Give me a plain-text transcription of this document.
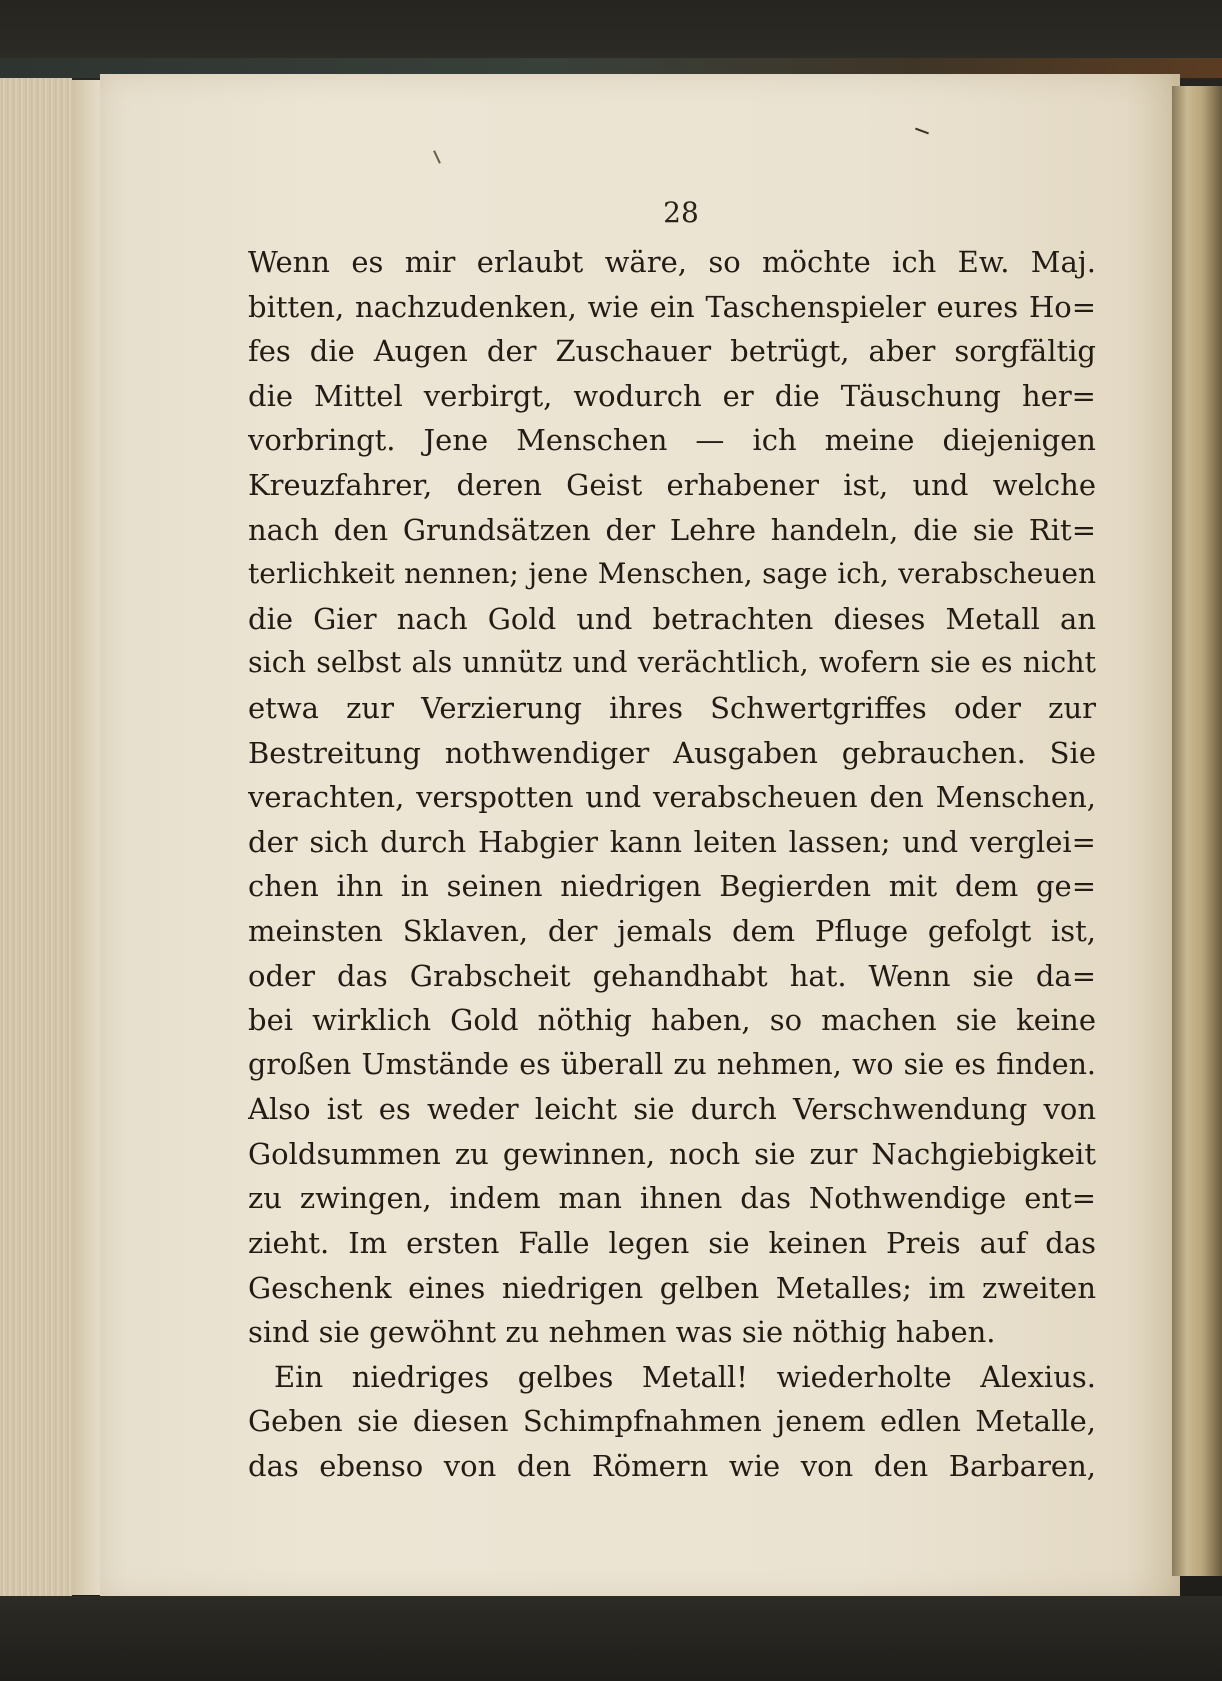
28
Wenn es mir erlaubt wäre, so möchte ich Ew. Maj.
bitten, nachzudenken, wie ein Taschenspieler eures Ho=
fes die Augen der Zuschauer betrügt, aber sorgfältig
die Mittel verbirgt, wodurch er die Täuschung her=
vorbringt. Jene Menschen — ich meine diejenigen
Kreuzfahrer, deren Geist erhabener ist, und welche
nach den Grundsätzen der Lehre handeln, die sie Rit=
terlichkeit nennen; jene Menschen, sage ich, verabscheuen
die Gier nach Gold und betrachten dieses Metall an
sich selbst als unnütz und verächtlich, wofern sie es nicht
etwa zur Verzierung ihres Schwertgriffes oder zur
Bestreitung nothwendiger Ausgaben gebrauchen. Sie
verachten, verspotten und verabscheuen den Menschen,
der sich durch Habgier kann leiten lassen; und verglei=
chen ihn in seinen niedrigen Begierden mit dem ge=
meinsten Sklaven, der jemals dem Pfluge gefolgt ist,
oder das Grabscheit gehandhabt hat. Wenn sie da=
bei wirklich Gold nöthig haben, so machen sie keine
großen Umstände es überall zu nehmen, wo sie es finden.
Also ist es weder leicht sie durch Verschwendung von
Goldsummen zu gewinnen, noch sie zur Nachgiebigkeit
zu zwingen, indem man ihnen das Nothwendige ent=
zieht. Im ersten Falle legen sie keinen Preis auf das
Geschenk eines niedrigen gelben Metalles; im zweiten
sind sie gewöhnt zu nehmen was sie nöthig haben.
Ein niedriges gelbes Metall! wiederholte Alexius.
Geben sie diesen Schimpfnahmen jenem edlen Metalle,
das ebenso von den Römern wie von den Barbaren,
